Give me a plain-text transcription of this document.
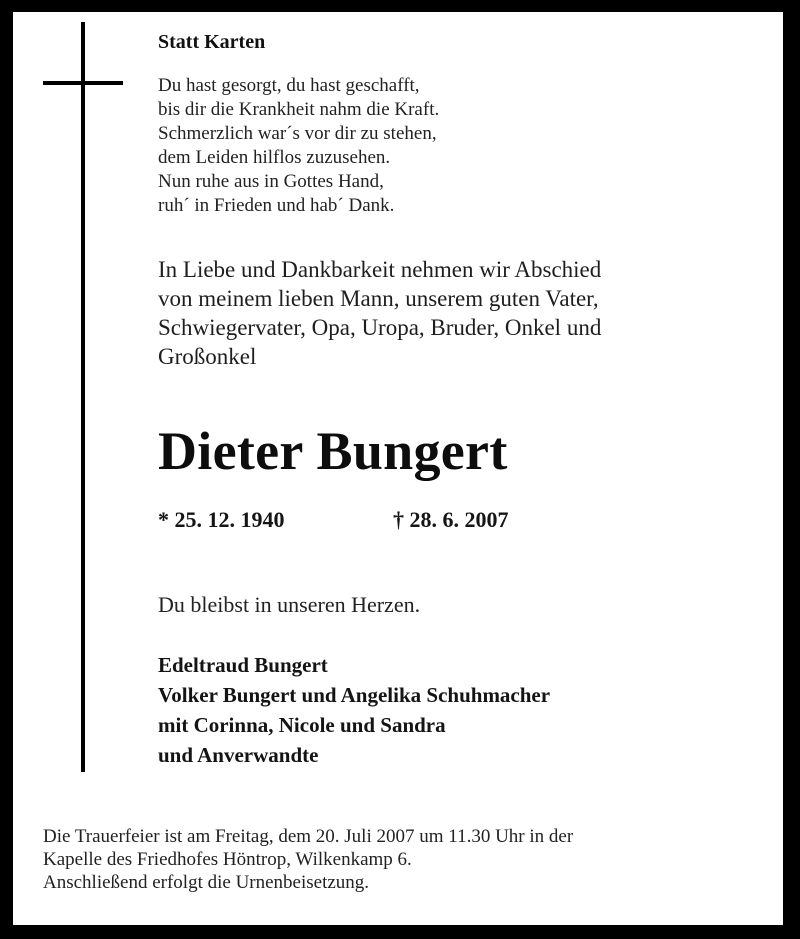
Statt Karten
Du hast gesorgt, du hast geschafft,
bis dir die Krankheit nahm die Kraft.
Schmerzlich war´s vor dir zu stehen,
dem Leiden hilflos zuzusehen.
Nun ruhe aus in Gottes Hand,
ruh´ in Frieden und hab´ Dank.
In Liebe und Dankbarkeit nehmen wir Abschied
von meinem lieben Mann, unserem guten Vater,
Schwiegervater, Opa, Uropa, Bruder, Onkel und
Großonkel
Dieter Bungert
* 25. 12. 1940	† 28. 6. 2007
Du bleibst in unseren Herzen.
Edeltraud Bungert
Volker Bungert und Angelika Schuhmacher
mit Corinna, Nicole und Sandra
und Anverwandte
Die Trauerfeier ist am Freitag, dem 20. Juli 2007 um 11.30 Uhr in der
Kapelle des Friedhofes Höntrop, Wilkenkamp 6.
Anschließend erfolgt die Urnenbeisetzung.
